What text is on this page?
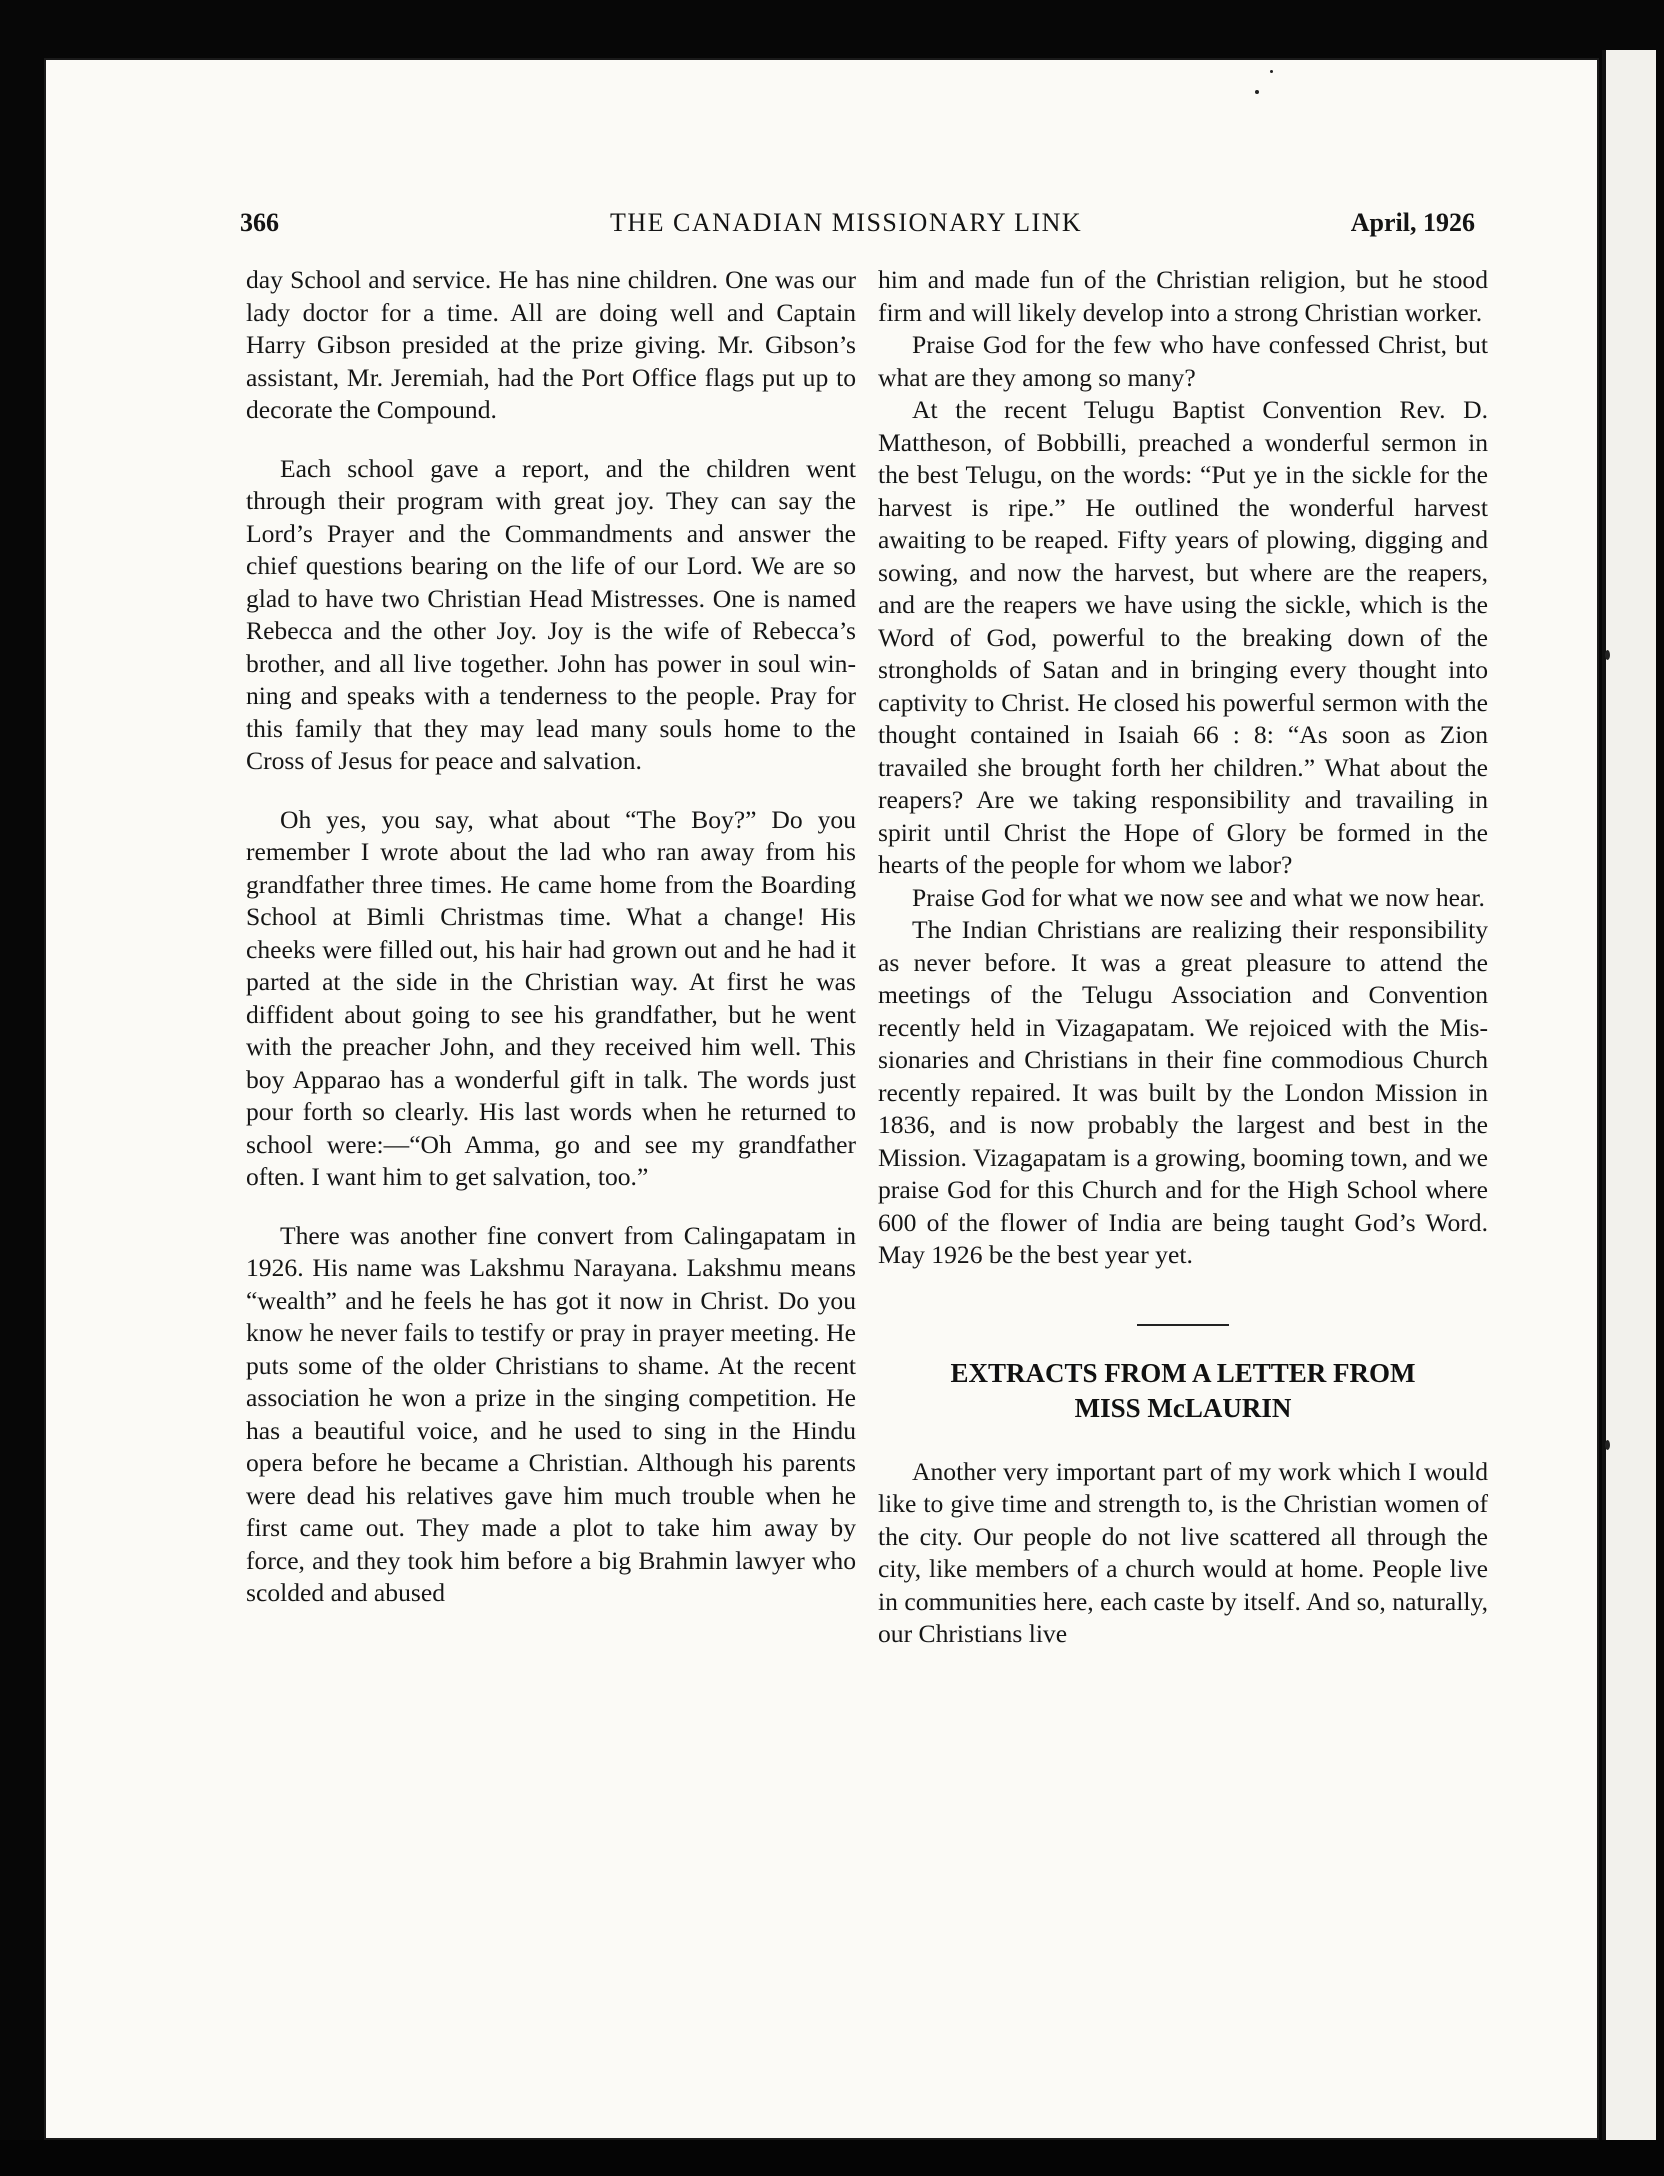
366	THE CANADIAN MISSIONARY LINK	April, 1926

day School and service. He has nine children. One was our lady doctor for a time. All are doing well and Captain Harry Gibson presided at the prize giving. Mr. Gibson’s assistant, Mr. Jeremiah, had the Port Office flags put up to decorate the Compound.

Each school gave a report, and the children went through their program with great joy. They can say the Lord’s Prayer and the Commandments and answer the chief questions bearing on the life of our Lord. We are so glad to have two Christian Head Mistresses. One is named Rebecca and the other Joy. Joy is the wife of Rebecca’s brother, and all live together. John has power in soul winning and speaks with a tenderness to the people. Pray for this family that they may lead many souls home to the Cross of Jesus for peace and salvation.

Oh yes, you say, what about “The Boy?” Do you remember I wrote about the lad who ran away from his grandfather three times. He came home from the Boarding School at Bimli Christmas time. What a change! His cheeks were filled out, his hair had grown out and he had it parted at the side in the Christian way. At first he was diffident about going to see his grandfather, but he went with the preacher John, and they received him well. This boy Apparao has a wonderful gift in talk. The words just pour forth so clearly. His last words when he returned to school were:—“Oh Amma, go and see my grandfather often. I want him to get salvation, too.”

There was another fine convert from Calingapatam in 1926. His name was Lakshmu Narayana. Lakshmu means “wealth” and he feels he has got it now in Christ. Do you know he never fails to testify or pray in prayer meeting. He puts some of the older Christians to shame. At the recent association he won a prize in the singing competition. He has a beautiful voice, and he used to sing in the Hindu opera before he became a Christian. Although his parents were dead his relatives gave him much trouble when he first came out. They made a plot to take him away by force, and they took him before a big Brahmin lawyer who scolded and abused

him and made fun of the Christian religion, but he stood firm and will likely develop into a strong Christian worker.

Praise God for the few who have confessed Christ, but what are they among so many?

At the recent Telugu Baptist Convention Rev. D. Mattheson, of Bobbilli, preached a wonderful sermon in the best Telugu, on the words: “Put ye in the sickle for the harvest is ripe.” He outlined the wonderful harvest awaiting to be reaped. Fifty years of plowing, digging and sowing, and now the harvest, but where are the reapers, and are the reapers we have using the sickle, which is the Word of God, powerful to the breaking down of the strongholds of Satan and in bringing every thought into captivity to Christ. He closed his powerful sermon with the thought contained in Isaiah 66 : 8: “As soon as Zion travailed she brought forth her children.” What about the reapers? Are we taking responsibility and travailing in spirit until Christ the Hope of Glory be formed in the hearts of the people for whom we labor?

Praise God for what we now see and what we now hear.

The Indian Christians are realizing their responsibility as never before. It was a great pleasure to attend the meetings of the Telugu Association and Convention recently held in Vizagapatam. We rejoiced with the Missionaries and Christians in their fine commodious Church recently repaired. It was built by the London Mission in 1836, and is now probably the largest and best in the Mission. Vizagapatam is a growing, booming town, and we praise God for this Church and for the High School where 600 of the flower of India are being taught God’s Word. May 1926 be the best year yet.

EXTRACTS FROM A LETTER FROM
MISS McLAURIN

Another very important part of my work which I would like to give time and strength to, is the Christian women of the city. Our people do not live scattered all through the city, like members of a church would at home. People live in communities here, each caste by itself. And so, naturally, our Christians live
